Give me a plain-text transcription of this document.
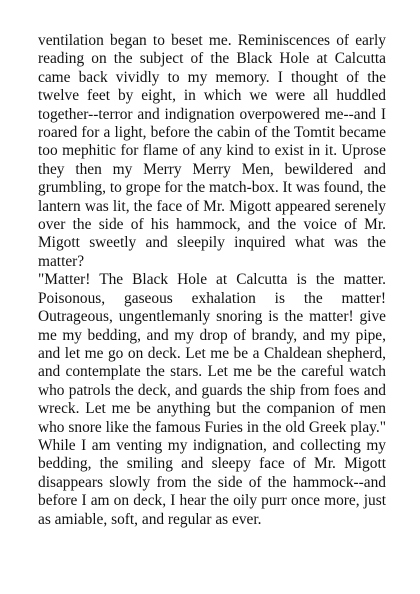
ventilation began to beset me. Reminiscences of early reading on the subject of the Black Hole at Calcutta came back vividly to my memory. I thought of the twelve feet by eight, in which we were all huddled together--terror and indignation overpowered me--and I roared for a light, before the cabin of the Tomtit became too mephitic for flame of any kind to exist in it. Uprose they then my Merry Merry Men, bewildered and grumbling, to grope for the match-box. It was found, the lantern was lit, the face of Mr. Migott appeared serenely over the side of his hammock, and the voice of Mr. Migott sweetly and sleepily inquired what was the matter?

"Matter! The Black Hole at Calcutta is the matter. Poisonous, gaseous exhalation is the matter! Outrageous, ungentlemanly snoring is the matter! give me my bedding, and my drop of brandy, and my pipe, and let me go on deck. Let me be a Chaldean shepherd, and contemplate the stars. Let me be the careful watch who patrols the deck, and guards the ship from foes and wreck. Let me be anything but the companion of men who snore like the famous Furies in the old Greek play." While I am venting my indignation, and collecting my bedding, the smiling and sleepy face of Mr. Migott disappears slowly from the side of the hammock--and before I am on deck, I hear the oily purr once more, just as amiable, soft, and regular as ever.
